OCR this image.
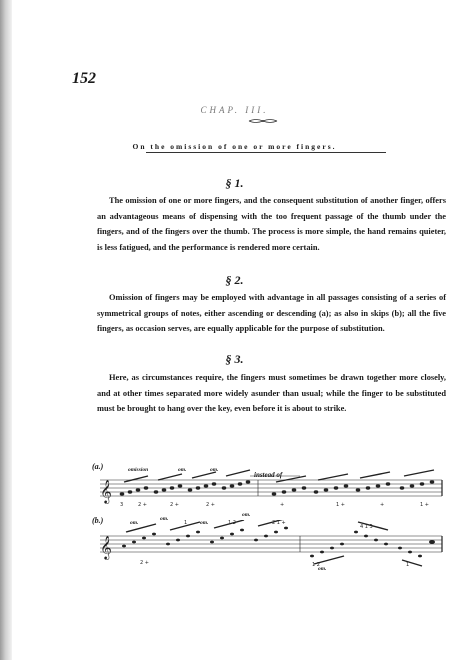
152
CHAP. III.
On the omission of one or more fingers.
§ 1.

The omission of one or more fingers, and the consequent substitution of another finger, offers an advantageous means of dispensing with the too frequent passage of the thumb under the fingers, and of the fingers over the thumb. The process is more simple, the hand remains quieter, is less fatigued, and the performance is rendered more certain.

§ 2.

Omission of fingers may be employed with advantage in all passages consisting of a series of symmetrical groups of notes, either ascending or descending (a); as also in skips (b); all the five fingers, as occasion serves, are equally applicable for the purpose of substitution.

§ 3.

Here, as circumstances require, the fingers must sometimes be drawn together more closely, and at other times separated more widely asunder than usual; while the finger to be substituted must be brought to hang over the key, even before it is about to strike.

(a.)
𝄞
3	2 +	2 +	2 +	+	1 +	+	1 +
omission	om.	om.
instead of
(b.)
𝄞
2 +
1	1 2	2 1 +
1 2
4 1 3
1
om.
om.
om.
om.
om.
